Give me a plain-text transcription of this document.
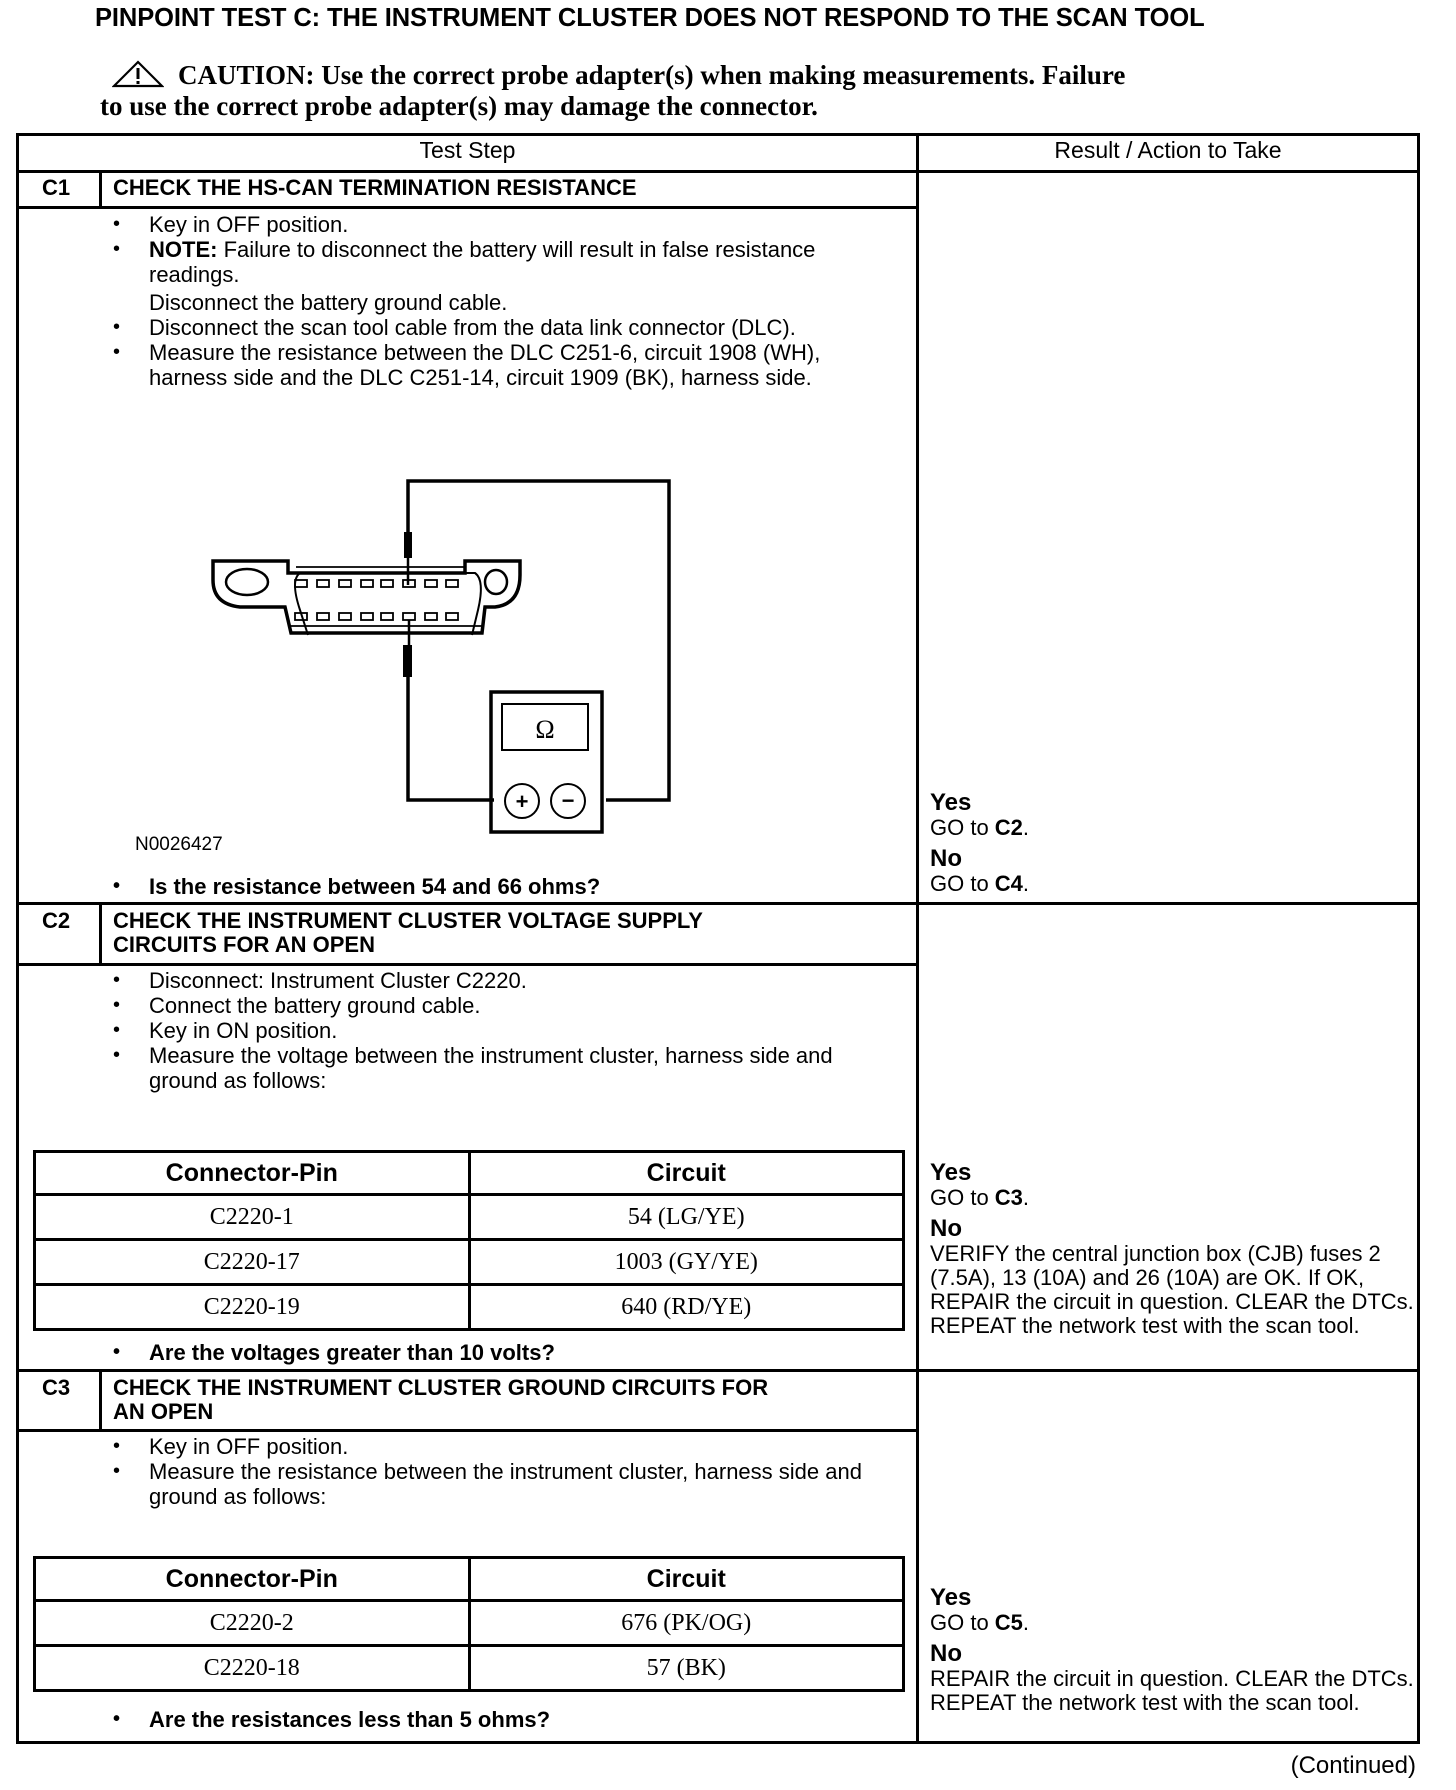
PINPOINT TEST C: THE INSTRUMENT CLUSTER DOES NOT RESPOND TO THE SCAN TOOL
CAUTION: Use the correct probe adapter(s) when making measurements. Failure
to use the correct probe adapter(s) may damage the connector.
Test Step	Result / Action to Take
C1 CHECK THE HS-CAN TERMINATION RESISTANCE
• Key in OFF position.
• NOTE: Failure to disconnect the battery will result in false resistance readings.
Disconnect the battery ground cable.
• Disconnect the scan tool cable from the data link connector (DLC).
• Measure the resistance between the DLC C251-6, circuit 1908 (WH), harness side and the DLC C251-14, circuit 1909 (BK), harness side.
Ω
+ −
N0026427
• Is the resistance between 54 and 66 ohms?
Yes
GO to C2.
No
GO to C4.
C2 CHECK THE INSTRUMENT CLUSTER VOLTAGE SUPPLY
CIRCUITS FOR AN OPEN
• Disconnect: Instrument Cluster C2220.
• Connect the battery ground cable.
• Key in ON position.
• Measure the voltage between the instrument cluster, harness side and ground as follows:
Connector-Pin	Circuit
C2220-1	54 (LG/YE)
C2220-17	1003 (GY/YE)
C2220-19	640 (RD/YE)
• Are the voltages greater than 10 volts?
Yes
GO to C3.
No
VERIFY the central junction box (CJB) fuses 2 (7.5A), 13 (10A) and 26 (10A) are OK. If OK, REPAIR the circuit in question. CLEAR the DTCs. REPEAT the network test with the scan tool.
C3 CHECK THE INSTRUMENT CLUSTER GROUND CIRCUITS FOR
AN OPEN
• Key in OFF position.
• Measure the resistance between the instrument cluster, harness side and ground as follows:
Connector-Pin	Circuit
C2220-2	676 (PK/OG)
C2220-18	57 (BK)
• Are the resistances less than 5 ohms?
Yes
GO to C5.
No
REPAIR the circuit in question. CLEAR the DTCs. REPEAT the network test with the scan tool.
(Continued)
